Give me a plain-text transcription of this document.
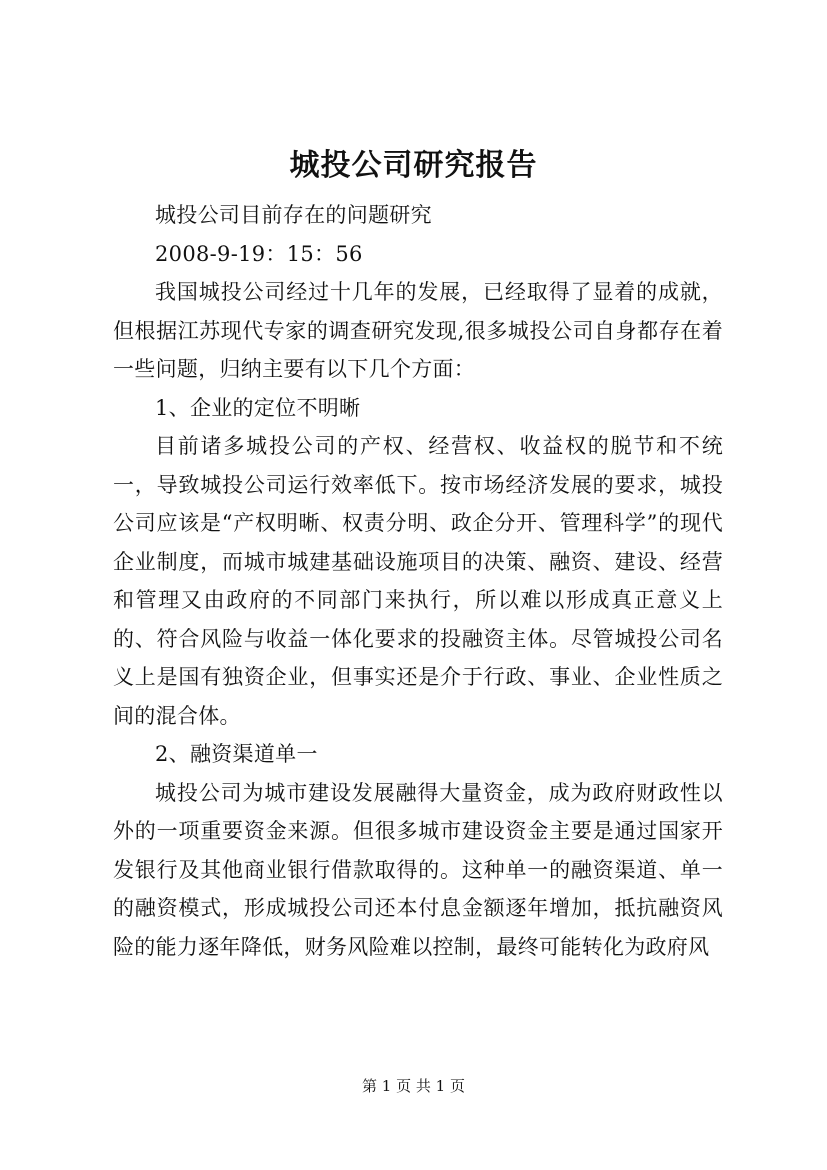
城投公司研究报告

城投公司目前存在的问题研究

2008-9-19：15：56

我国城投公司经过十几年的发展，已经取得了显着的成就，但根据江苏现代专家的调查研究发现,很多城投公司自身都存在着一些问题，归纳主要有以下几个方面：

1、企业的定位不明晰

目前诸多城投公司的产权、经营权、收益权的脱节和不统一，导致城投公司运行效率低下。按市场经济发展的要求，城投公司应该是“产权明晰、权责分明、政企分开、管理科学”的现代企业制度，而城市城建基础设施项目的决策、融资、建设、经营和管理又由政府的不同部门来执行，所以难以形成真正意义上的、符合风险与收益一体化要求的投融资主体。尽管城投公司名义上是国有独资企业，但事实还是介于行政、事业、企业性质之间的混合体。

2、融资渠道单一

城投公司为城市建设发展融得大量资金，成为政府财政性以外的一项重要资金来源。但很多城市建设资金主要是通过国家开发银行及其他商业银行借款取得的。这种单一的融资渠道、单一的融资模式，形成城投公司还本付息金额逐年增加，抵抗融资风险的能力逐年降低，财务风险难以控制，最终可能转化为政府风

第 1 页 共 1 页
